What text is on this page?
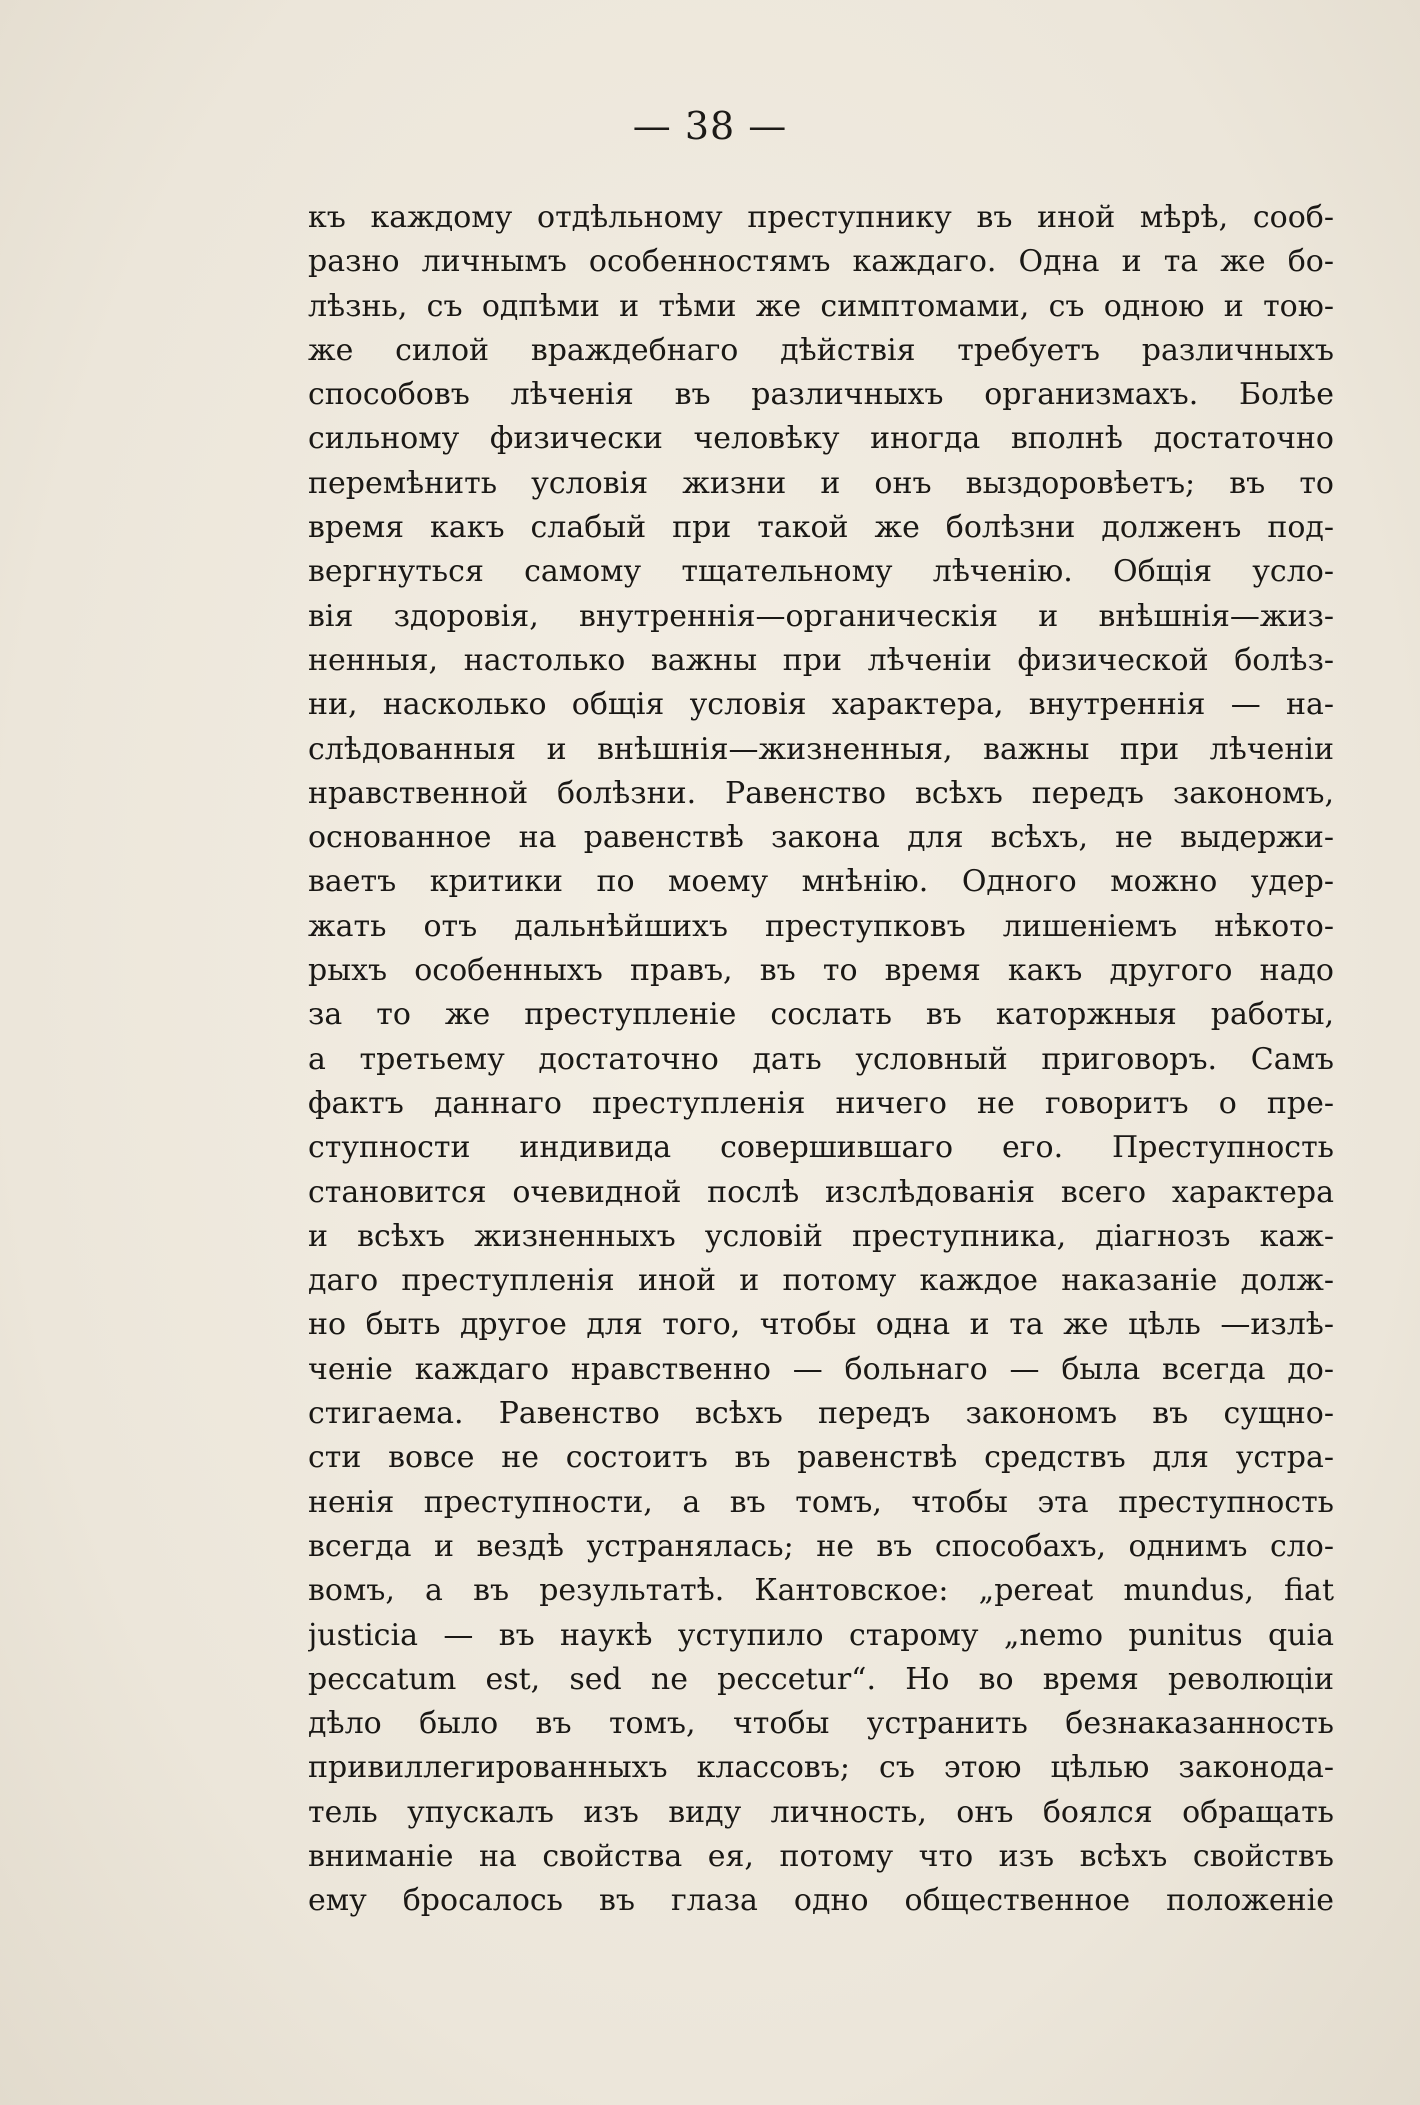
— 38 —
къ каждому отдѣльному преступнику въ иной мѣрѣ, сооб-
разно личнымъ особенностямъ каждаго. Одна и та же бо-
лѣзнь, съ одпѣми и тѣми же симптомами, съ одною и тою-
же силой враждебнаго дѣйствія требуетъ различныхъ
способовъ лѣченія въ различныхъ организмахъ. Болѣе
сильному физически человѣку иногда вполнѣ достаточно
перемѣнить условія жизни и онъ выздоровѣетъ; въ то
время какъ слабый при такой же болѣзни долженъ под-
вергнуться самому тщательному лѣченію. Общія усло-
вія здоровія, внутреннія—органическія и внѣшнія—жиз-
ненныя, настолько важны при лѣченіи физической болѣз-
ни, насколько общія условія характера, внутреннія — на-
слѣдованныя и внѣшнія—жизненныя, важны при лѣченіи
нравственной болѣзни. Равенство всѣхъ передъ закономъ,
основанное на равенствѣ закона для всѣхъ, не выдержи-
ваетъ критики по моему мнѣнію. Одного можно удер-
жать отъ дальнѣйшихъ преступковъ лишеніемъ нѣкото-
рыхъ особенныхъ правъ, въ то время какъ другого надо
за то же преступленіе сослать въ каторжныя работы,
а третьему достаточно дать условный приговоръ. Самъ
фактъ даннаго преступленія ничего не говоритъ о пре-
ступности индивида совершившаго его. Преступность
становится очевидной послѣ изслѣдованія всего характера
и всѣхъ жизненныхъ условій преступника, діагнозъ каж-
даго преступленія иной и потому каждое наказаніе долж-
но быть другое для того, чтобы одна и та же цѣль —излѣ-
ченіе каждаго нравственно — больнаго — была всегда до-
стигаема. Равенство всѣхъ передъ закономъ въ сущно-
сти вовсе не состоитъ въ равенствѣ средствъ для устра-
ненія преступности, а въ томъ, чтобы эта преступность
всегда и вездѣ устранялась; не въ способахъ, однимъ сло-
вомъ, а въ результатѣ. Кантовское: „pereat mundus, fiat
justicia — въ наукѣ уступило старому „nemo punitus quia
peccatum est, sed ne peccetur“. Но во время революціи
дѣло было въ томъ, чтобы устранить безнаказанность
привиллегированныхъ классовъ; съ этою цѣлью законода-
тель упускалъ изъ виду личность, онъ боялся обращать
вниманіе на свойства ея, потому что изъ всѣхъ свойствъ
ему бросалось въ глаза одно общественное положеніе
